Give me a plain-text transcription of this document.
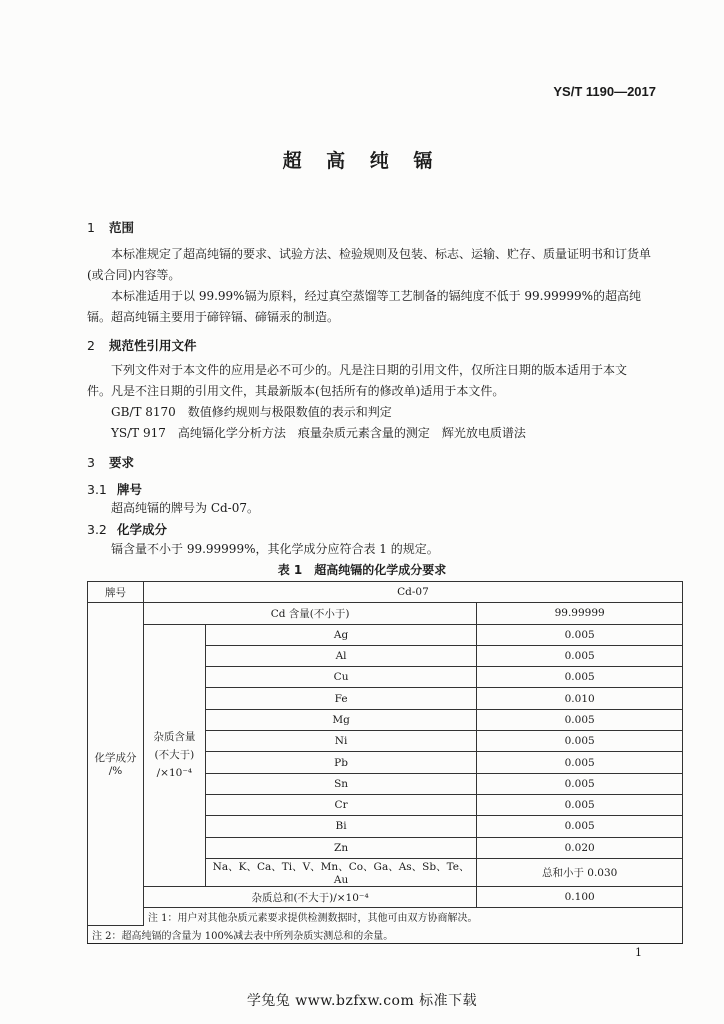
YS/T 1190—2017
超 高 纯 镉
1 范围
本标准规定了超高纯镉的要求、试验方法、检验规则及包装、标志、运输、贮存、质量证明书和订货单
(或合同)内容等。
本标准适用于以 99.99%镉为原料，经过真空蒸馏等工艺制备的镉纯度不低于 99.99999%的超高纯
镉。超高纯镉主要用于碲锌镉、碲镉汞的制造。
2 规范性引用文件
下列文件对于本文件的应用是必不可少的。凡是注日期的引用文件，仅所注日期的版本适用于本文
件。凡是不注日期的引用文件，其最新版本(包括所有的修改单)适用于本文件。
GB/T 8170　数值修约规则与极限数值的表示和判定
YS/T 917　高纯镉化学分析方法　痕量杂质元素含量的测定　辉光放电质谱法
3 要求
3.1 牌号
超高纯镉的牌号为 Cd-07。
3.2 化学成分
镉含量不小于 99.99999%，其化学成分应符合表 1 的规定。
表 1　超高纯镉的化学成分要求
牌号	Cd-07		

化学成分
/%	Cd 含量(不小于)		99.99999

	杂质含量
(不大于)
/×10⁻⁴	Ag	0.005
		Al	0.005
		Cu	0.005
		Fe	0.010
		Mg	0.005
		Ni	0.005
		Pb	0.005
		Sn	0.005
		Cr	0.005
		Bi	0.005
		Zn	0.020
		Na、K、Ca、Ti、V、Mn、Co、Ga、As、Sb、Te、Au	总和小于 0.030
	杂质总和(不大于)/×10⁻⁴		0.100
	注 1：用户对其他杂质元素要求提供检测数据时，其他可由双方协商解决。		
注 2：超高纯镉的含量为 100%减去表中所列杂质实测总和的余量。			
1
学兔兔 www.bzfxw.com 标准下载
